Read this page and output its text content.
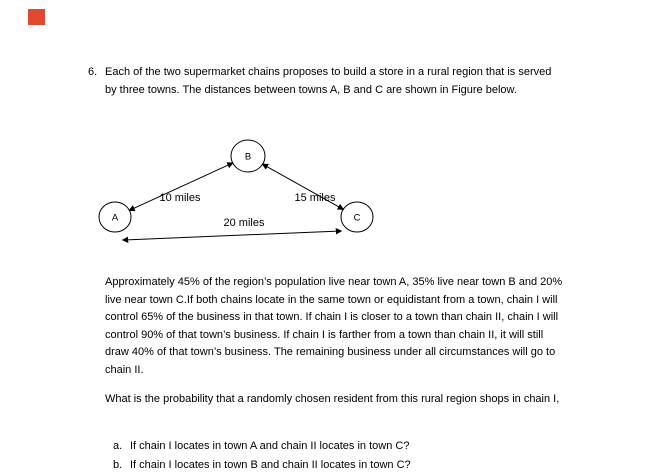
6. Each of the two supermarket chains proposes to build a store in a rural region that is served by three towns. The distances between towns A, B and C are shown in Figure below.
A
B
C
10 miles	15 miles
20 miles
Approximately 45% of the region’s population live near town A, 35% live near town B and 20% live near town C.If both chains locate in the same town or equidistant from a town, chain I will control 65% of the business in that town. If chain I is closer to a town than chain II, chain I will control 90% of that town’s business. If chain I is farther from a town than chain II, it will still draw 40% of that town’s business. The remaining business under all circumstances will go to chain II.
What is the probability that a randomly chosen resident from this rural region shops in chain I,
a. If chain I locates in town A and chain II locates in town C?
b. If chain I locates in town B and chain II locates in town C?
